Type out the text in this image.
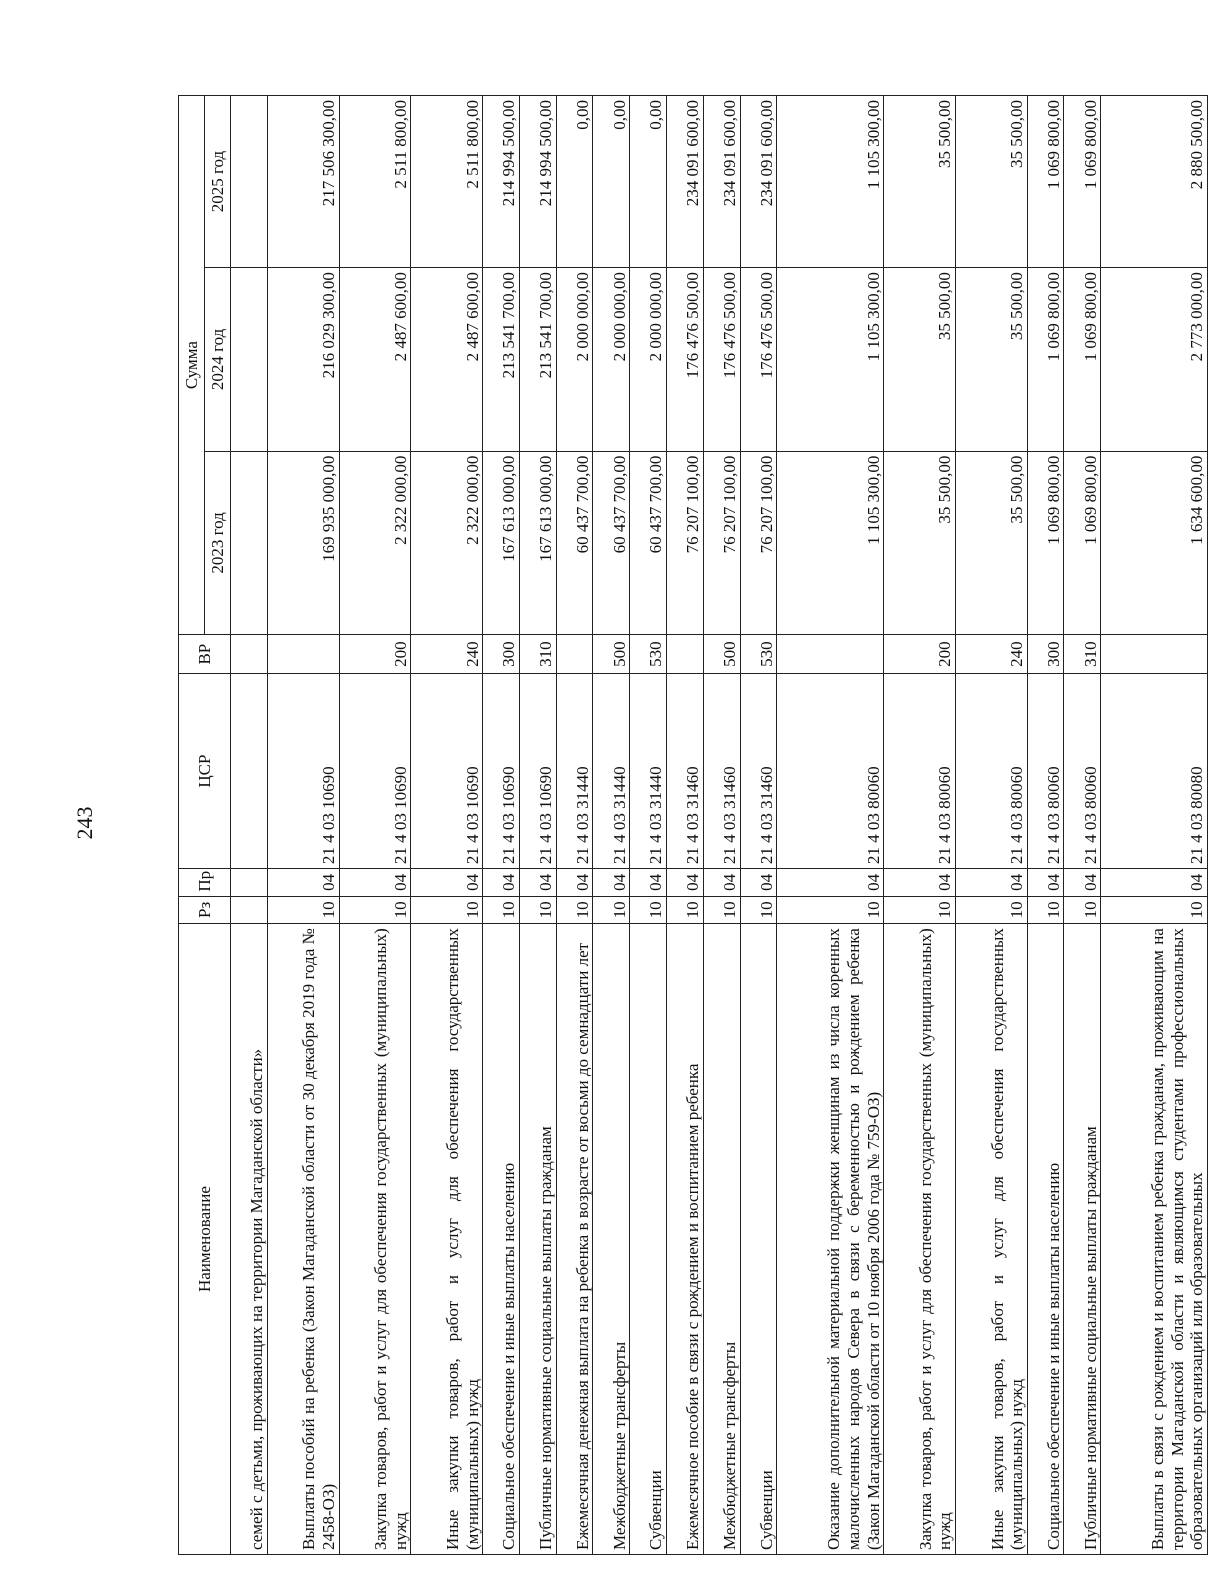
243
Наименование	Рз	Пр	ЦСР	ВР	Сумма		
					2023 год	2024 год	2025 год
семей с детьми, проживающих на территории Магаданской области»							
Выплаты пособий на ребенка (Закон Магаданской области от 30 декабря 2019 года № 2458-ОЗ)	10	04	21 4 03 10690		169 935 000,00	216 029 300,00	217 506 300,00
Закупка товаров, работ и услуг для обеспечения государственных (муниципальных) нужд	10	04	21 4 03 10690	200	2 322 000,00	2 487 600,00	2 511 800,00
Иные закупки товаров, работ и услуг для обеспечения государственных (муниципальных) нужд	10	04	21 4 03 10690	240	2 322 000,00	2 487 600,00	2 511 800,00
Социальное обеспечение и иные выплаты населению	10	04	21 4 03 10690	300	167 613 000,00	213 541 700,00	214 994 500,00
Публичные нормативные социальные выплаты гражданам	10	04	21 4 03 10690	310	167 613 000,00	213 541 700,00	214 994 500,00
Ежемесячная денежная выплата на ребенка в возрасте от восьми до семнадцати лет	10	04	21 4 03 31440		60 437 700,00	2 000 000,00	0,00
Межбюджетные трансферты	10	04	21 4 03 31440	500	60 437 700,00	2 000 000,00	0,00
Субвенции	10	04	21 4 03 31440	530	60 437 700,00	2 000 000,00	0,00
Ежемесячное пособие в связи с рождением и воспитанием ребенка	10	04	21 4 03 31460		76 207 100,00	176 476 500,00	234 091 600,00
Межбюджетные трансферты	10	04	21 4 03 31460	500	76 207 100,00	176 476 500,00	234 091 600,00
Субвенции	10	04	21 4 03 31460	530	76 207 100,00	176 476 500,00	234 091 600,00
Оказание дополнительной материальной поддержки женщинам из числа коренных малочисленных народов Севера в связи с беременностью и рождением ребенка (Закон Магаданской области от 10 ноября 2006 года № 759-ОЗ)	10	04	21 4 03 80060		1 105 300,00	1 105 300,00	1 105 300,00
Закупка товаров, работ и услуг для обеспечения государственных (муниципальных) нужд	10	04	21 4 03 80060	200	35 500,00	35 500,00	35 500,00
Иные закупки товаров, работ и услуг для обеспечения государственных (муниципальных) нужд	10	04	21 4 03 80060	240	35 500,00	35 500,00	35 500,00
Социальное обеспечение и иные выплаты населению	10	04	21 4 03 80060	300	1 069 800,00	1 069 800,00	1 069 800,00
Публичные нормативные социальные выплаты гражданам	10	04	21 4 03 80060	310	1 069 800,00	1 069 800,00	1 069 800,00
Выплаты в связи с рождением и воспитанием ребенка гражданам, проживающим на территории Магаданской области и являющимся студентами профессиональных образовательных организаций или образовательных	10	04	21 4 03 80080		1 634 600,00	2 773 000,00	2 880 500,00
